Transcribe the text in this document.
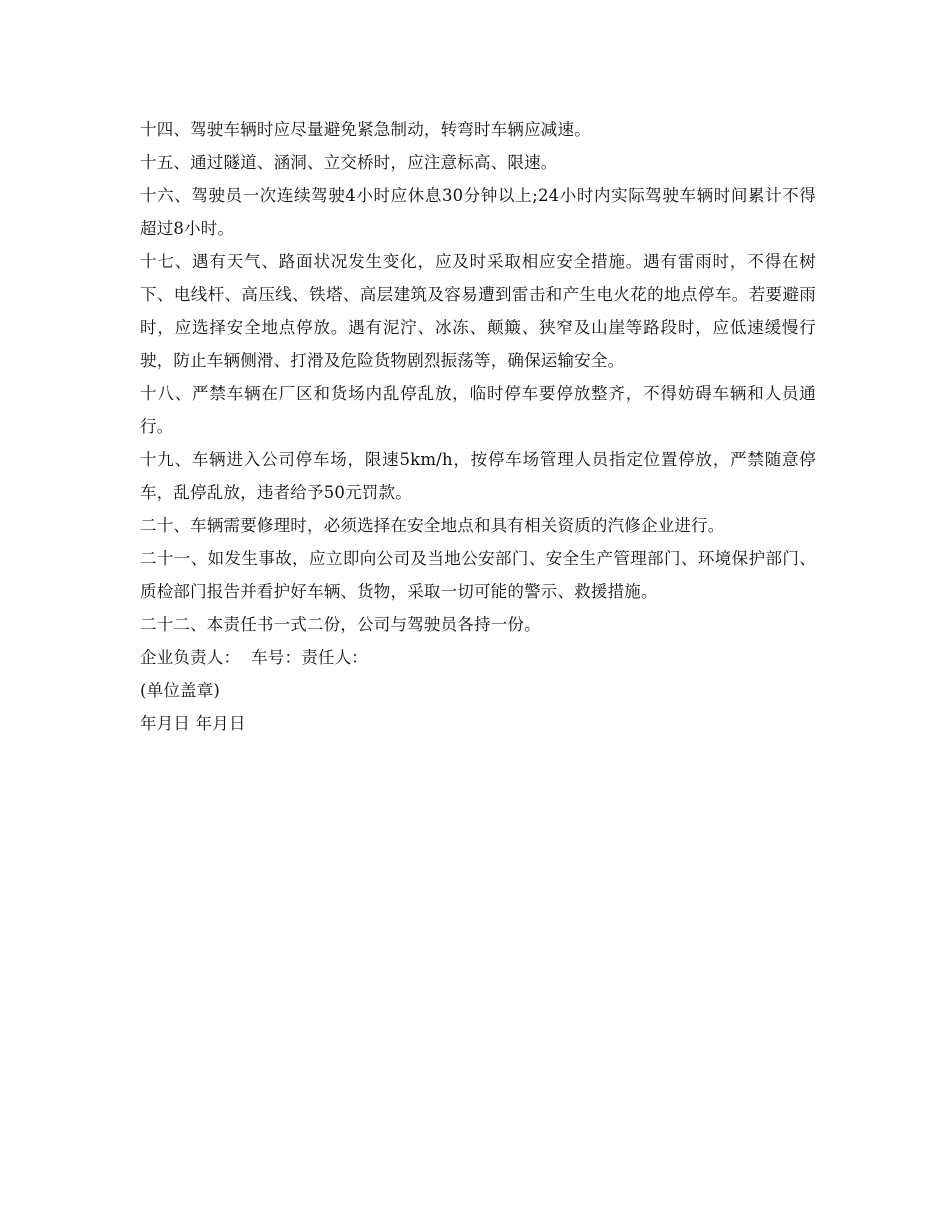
十四、驾驶车辆时应尽量避免紧急制动，转弯时车辆应减速。

十五、通过隧道、涵洞、立交桥时，应注意标高、限速。

十六、驾驶员一次连续驾驶4小时应休息30分钟以上;24小时内实际驾驶车辆时间累计不得超过8小时。

十七、遇有天气、路面状况发生变化，应及时采取相应安全措施。遇有雷雨时，不得在树下、电线杆、高压线、铁塔、高层建筑及容易遭到雷击和产生电火花的地点停车。若要避雨时，应选择安全地点停放。遇有泥泞、冰冻、颠簸、狭窄及山崖等路段时，应低速缓慢行驶，防止车辆侧滑、打滑及危险货物剧烈振荡等，确保运输安全。

十八、严禁车辆在厂区和货场内乱停乱放，临时停车要停放整齐，不得妨碍车辆和人员通行。

十九、车辆进入公司停车场，限速5km/h，按停车场管理人员指定位置停放，严禁随意停车，乱停乱放，违者给予50元罚款。

二十、车辆需要修理时，必须选择在安全地点和具有相关资质的汽修企业进行。

二十一、如发生事故，应立即向公司及当地公安部门、安全生产管理部门、环境保护部门、质检部门报告并看护好车辆、货物，采取一切可能的警示、救援措施。

二十二、本责任书一式二份，公司与驾驶员各持一份。

企业负责人：  车号：责任人：

(单位盖章)

年月日 年月日
